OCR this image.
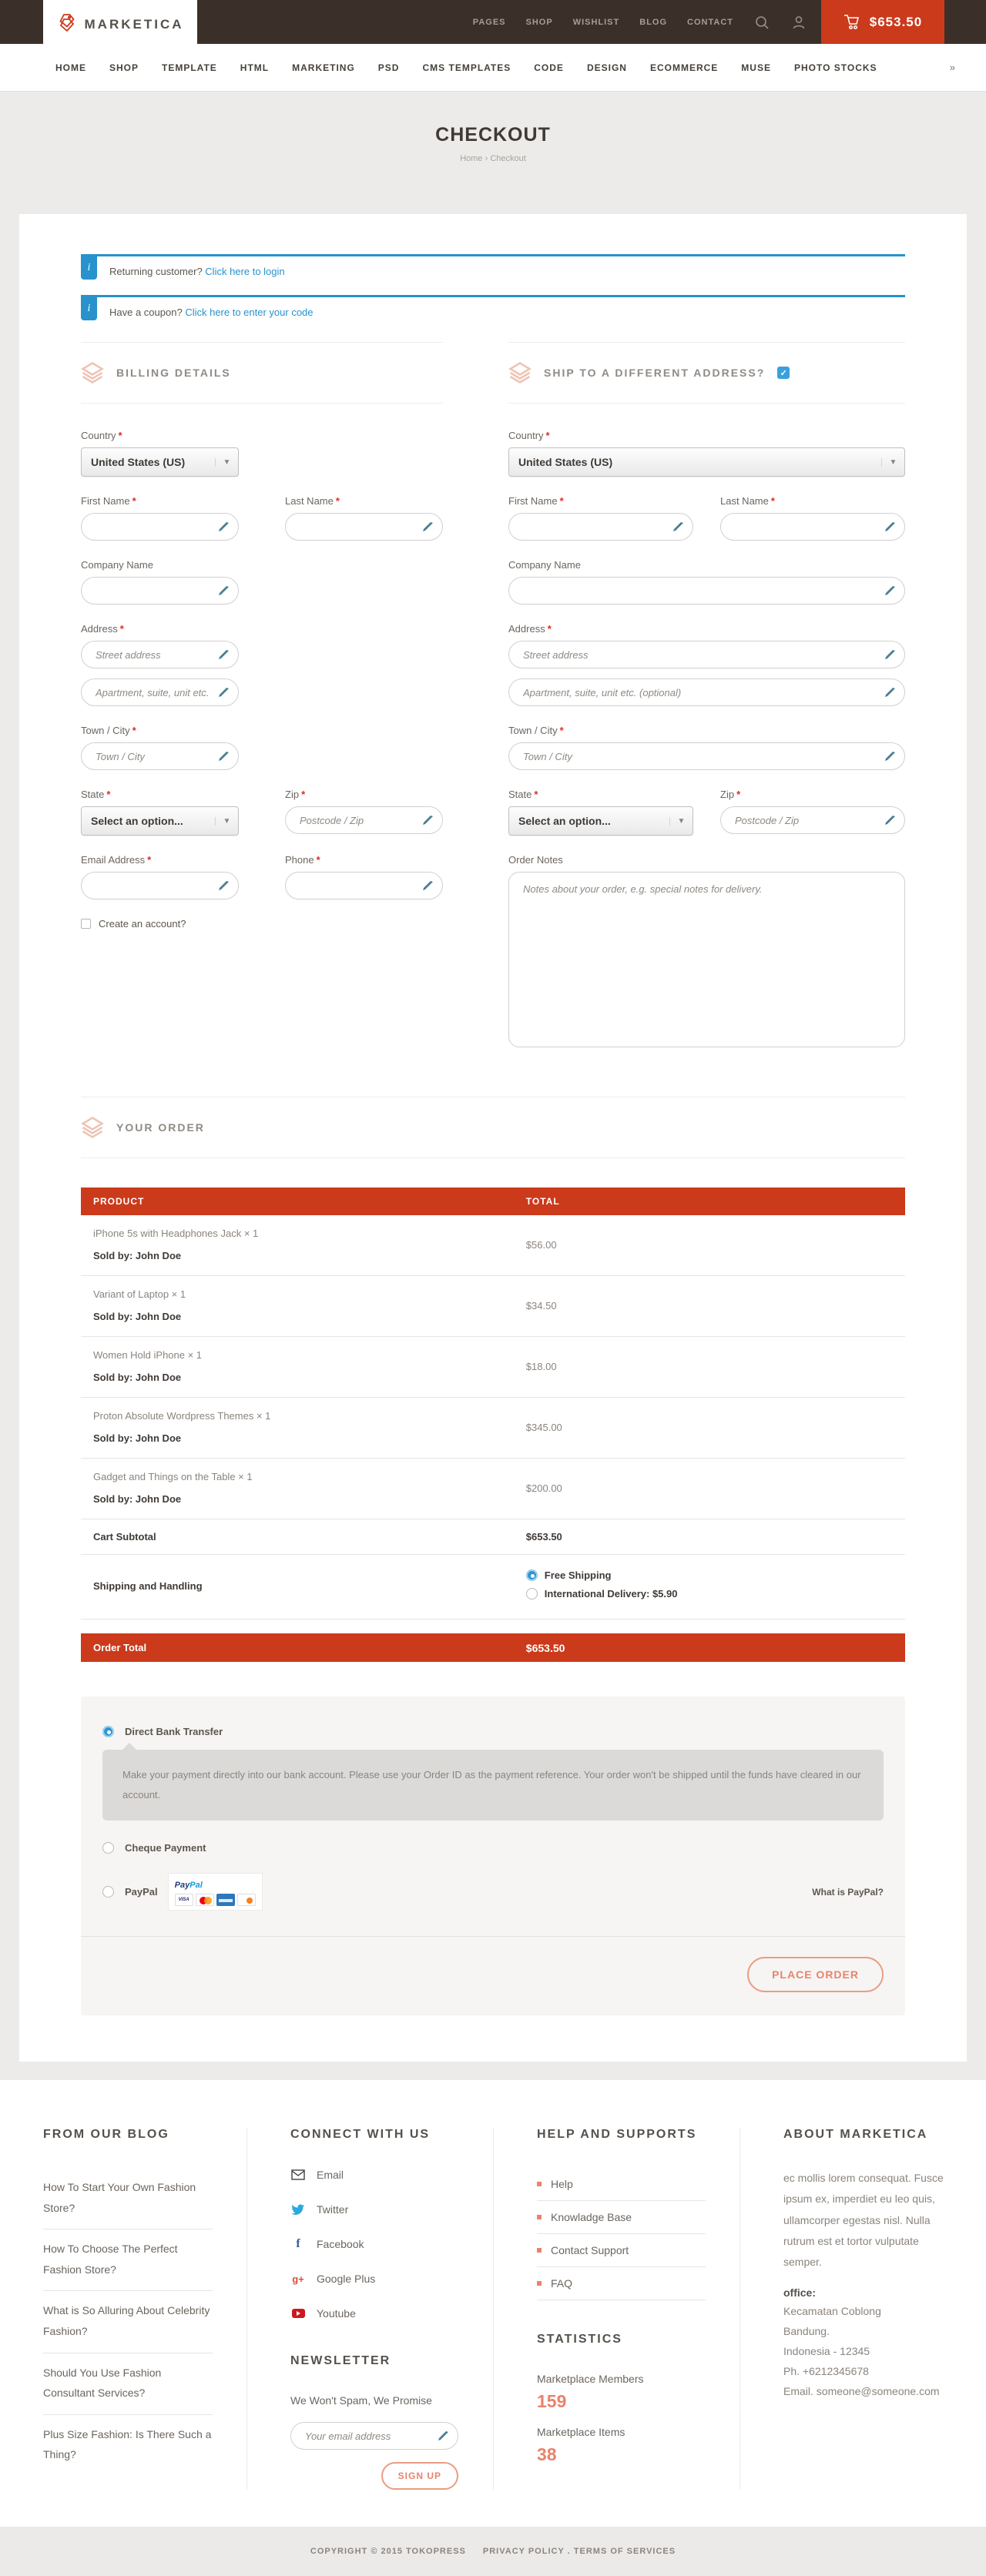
MARKETICA	PAGES SHOP WISHLIST BLOG CONTACT	$653.50
HOME	SHOP	TEMPLATE	HTML	MARKETING	PSD	CMS TEMPLATES	CODE	DESIGN	ECOMMERCE	MUSE	PHOTO STOCKS	»
CHECKOUT
Home › Checkout
i	Returning customer? Click here to login
i	Have a coupon? Click here to enter your code
BILLING DETAILS
Country *
United States (US)	▼
First Name *	Last Name *
Company Name
Address *
Street address
Apartment, suite, unit etc.
Town / City *
Town / City
State *
Select an option...	▼
Zip *
Postcode / Zip
Email Address *	Phone *
Create an account?
SHIP TO A DIFFERENT ADDRESS?	✓
Country *
United States (US)	▼
First Name *	Last Name *
Company Name
Address *
Street address
Apartment, suite, unit etc. (optional)
Town / City *
Town / City
State *
Select an option...	▼
Zip *
Postcode / Zip
Order Notes
Notes about your order, e.g. special notes for delivery.
YOUR ORDER
PRODUCT	TOTAL
iPhone 5s with Headphones Jack × 1
Sold by: John Doe
$56.00
Variant of Laptop × 1
Sold by: John Doe
$34.50
Women Hold iPhone × 1
Sold by: John Doe
$18.00
Proton Absolute Wordpress Themes × 1
Sold by: John Doe
$345.00
Gadget and Things on the Table × 1
Sold by: John Doe
$200.00
Cart Subtotal	$653.50
Shipping and Handling
Free Shipping
International Delivery: $5.90
Order Total	$653.50
Direct Bank Transfer
Make your payment directly into our bank account. Please use your Order ID as the payment reference. Your order won't be shipped until the funds have cleared in our account.
Cheque Payment
PayPal
PayPal
VISA
What is PayPal?
PLACE ORDER
FROM OUR BLOG
How To Start Your Own Fashion Store?
How To Choose The Perfect Fashion Store?
What is So Alluring About Celebrity Fashion?
Should You Use Fashion Consultant Services?
Plus Size Fashion: Is There Such a Thing?
CONNECT WITH US
Email
Twitter
f	Facebook
g+ Google Plus
Youtube
NEWSLETTER
We Won't Spam, We Promise
Your email address
SIGN UP
HELP AND SUPPORTS
Help
Knowladge Base
Contact Support
FAQ
STATISTICS
Marketplace Members
159
Marketplace Items
38
ABOUT MARKETICA
ec mollis lorem consequat. Fusce ipsum ex, imperdiet eu leo quis, ullamcorper egestas nisl. Nulla rutrum est et tortor vulputate semper.
office:
Kecamatan Coblong
Bandung.
Indonesia - 12345
Ph. +6212345678
Email. someone@someone.com
COPYRIGHT © 2015 TOKOPRESS PRIVACY POLICY . TERMS OF SERVICES
